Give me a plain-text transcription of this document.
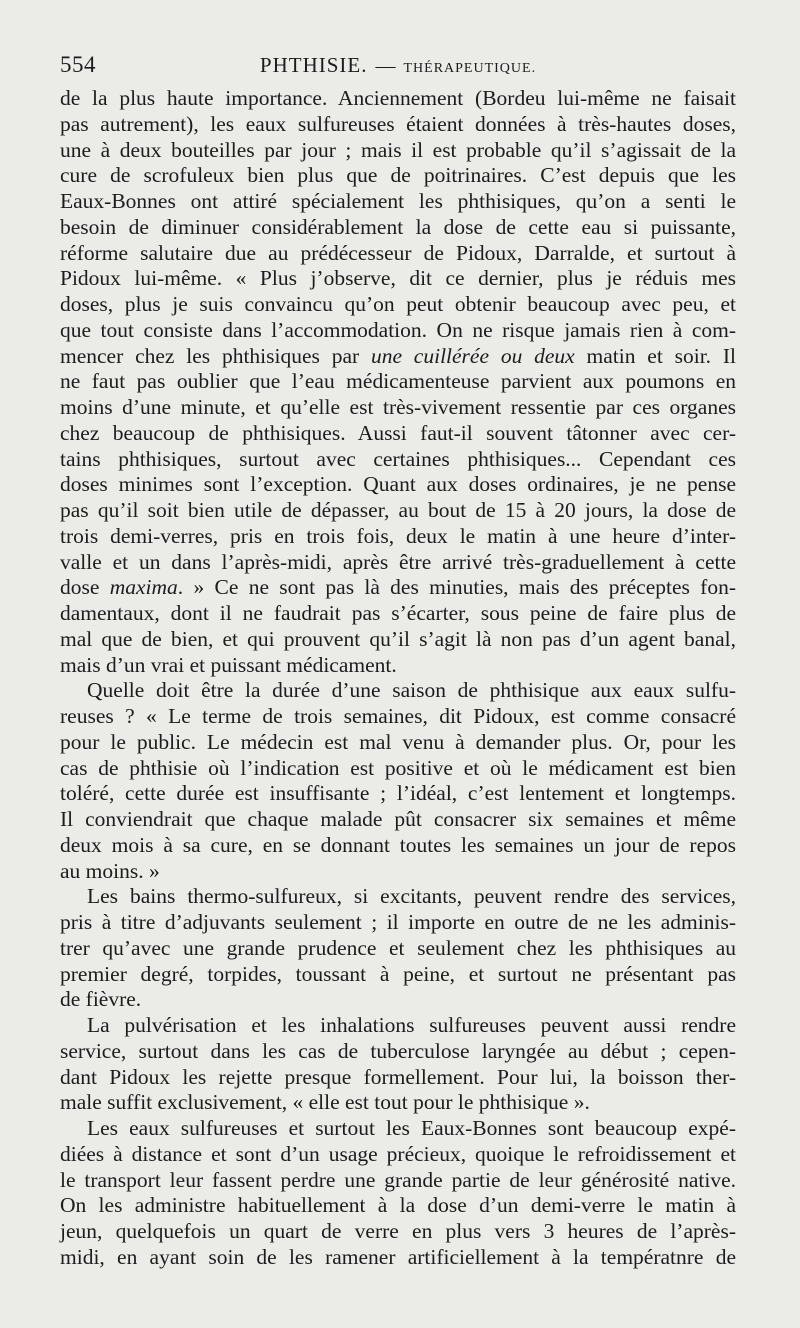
554	PHTHISIE. — THÉRAPEUTIQUE.
de la plus haute importance. Anciennement (Bordeu lui-même ne faisait
pas autrement), les eaux sulfureuses étaient données à très-hautes doses,
une à deux bouteilles par jour ; mais il est probable qu’il s’agissait de la
cure de scrofuleux bien plus que de poitrinaires. C’est depuis que les
Eaux-Bonnes ont attiré spécialement les phthisiques, qu’on a senti le
besoin de diminuer considérablement la dose de cette eau si puissante,
réforme salutaire due au prédécesseur de Pidoux, Darralde, et surtout à
Pidoux lui-même. « Plus j’observe, dit ce dernier, plus je réduis mes
doses, plus je suis convaincu qu’on peut obtenir beaucoup avec peu, et
que tout consiste dans l’accommodation. On ne risque jamais rien à com-
mencer chez les phthisiques par une cuillérée ou deux matin et soir. Il
ne faut pas oublier que l’eau médicamenteuse parvient aux poumons en
moins d’une minute, et qu’elle est très-vivement ressentie par ces organes
chez beaucoup de phthisiques. Aussi faut-il souvent tâtonner avec cer-
tains phthisiques, surtout avec certaines phthisiques... Cependant ces
doses minimes sont l’exception. Quant aux doses ordinaires, je ne pense
pas qu’il soit bien utile de dépasser, au bout de 15 à 20 jours, la dose de
trois demi-verres, pris en trois fois, deux le matin à une heure d’inter-
valle et un dans l’après-midi, après être arrivé très-graduellement à cette
dose maxima. » Ce ne sont pas là des minuties, mais des préceptes fon-
damentaux, dont il ne faudrait pas s’écarter, sous peine de faire plus de
mal que de bien, et qui prouvent qu’il s’agit là non pas d’un agent banal,
mais d’un vrai et puissant médicament.
Quelle doit être la durée d’une saison de phthisique aux eaux sulfu-
reuses ? « Le terme de trois semaines, dit Pidoux, est comme consacré
pour le public. Le médecin est mal venu à demander plus. Or, pour les
cas de phthisie où l’indication est positive et où le médicament est bien
toléré, cette durée est insuffisante ; l’idéal, c’est lentement et longtemps.
Il conviendrait que chaque malade pût consacrer six semaines et même
deux mois à sa cure, en se donnant toutes les semaines un jour de repos
au moins. »
Les bains thermo-sulfureux, si excitants, peuvent rendre des services,
pris à titre d’adjuvants seulement ; il importe en outre de ne les adminis-
trer qu’avec une grande prudence et seulement chez les phthisiques au
premier degré, torpides, toussant à peine, et surtout ne présentant pas
de fièvre.
La pulvérisation et les inhalations sulfureuses peuvent aussi rendre
service, surtout dans les cas de tuberculose laryngée au début ; cepen-
dant Pidoux les rejette presque formellement. Pour lui, la boisson ther-
male suffit exclusivement, « elle est tout pour le phthisique ».
Les eaux sulfureuses et surtout les Eaux-Bonnes sont beaucoup expé-
diées à distance et sont d’un usage précieux, quoique le refroidissement et
le transport leur fassent perdre une grande partie de leur générosité native.
On les administre habituellement à la dose d’un demi-verre le matin à
jeun, quelquefois un quart de verre en plus vers 3 heures de l’après-
midi, en ayant soin de les ramener artificiellement à la températnre de
